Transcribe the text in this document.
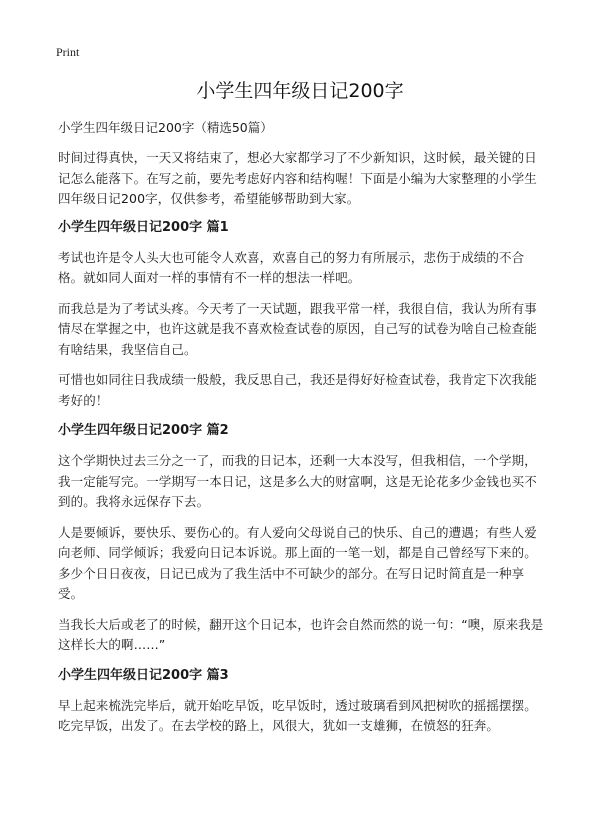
Print
小学生四年级日记200字

小学生四年级日记200字（精选50篇）

时间过得真快，一天又将结束了，想必大家都学习了不少新知识，这时候，最关键的日记怎么能落下。在写之前，要先考虑好内容和结构喔！下面是小编为大家整理的小学生四年级日记200字，仅供参考，希望能够帮助到大家。

小学生四年级日记200字 篇1

考试也许是令人头大也可能令人欢喜，欢喜自己的努力有所展示，悲伤于成绩的不合格。就如同人面对一样的事情有不一样的想法一样吧。

而我总是为了考试头疼。今天考了一天试题，跟我平常一样，我很自信，我认为所有事情尽在掌握之中，也许这就是我不喜欢检查试卷的原因，自己写的试卷为啥自己检查能有啥结果，我坚信自己。

可惜也如同往日我成绩一般般，我反思自己，我还是得好好检查试卷，我肯定下次我能考好的！

小学生四年级日记200字 篇2

这个学期快过去三分之一了，而我的日记本，还剩一大本没写，但我相信，一个学期，我一定能写完。一学期写一本日记，这是多么大的财富啊，这是无论花多少金钱也买不到的。我将永远保存下去。

人是要倾诉，要快乐、要伤心的。有人爱向父母说自己的快乐、自己的遭遇；有些人爱向老师、同学倾诉；我爱向日记本诉说。那上面的一笔一划，都是自己曾经写下来的。多少个日日夜夜，日记已成为了我生活中不可缺少的部分。在写日记时简直是一种享受。

当我长大后或老了的时候，翻开这个日记本，也许会自然而然的说一句：“噢，原来我是这样长大的啊……”

小学生四年级日记200字 篇3

早上起来梳洗完毕后，就开始吃早饭，吃早饭时，透过玻璃看到风把树吹的摇摇摆摆。吃完早饭，出发了。在去学校的路上，风很大，犹如一支雄狮，在愤怒的狂奔。
